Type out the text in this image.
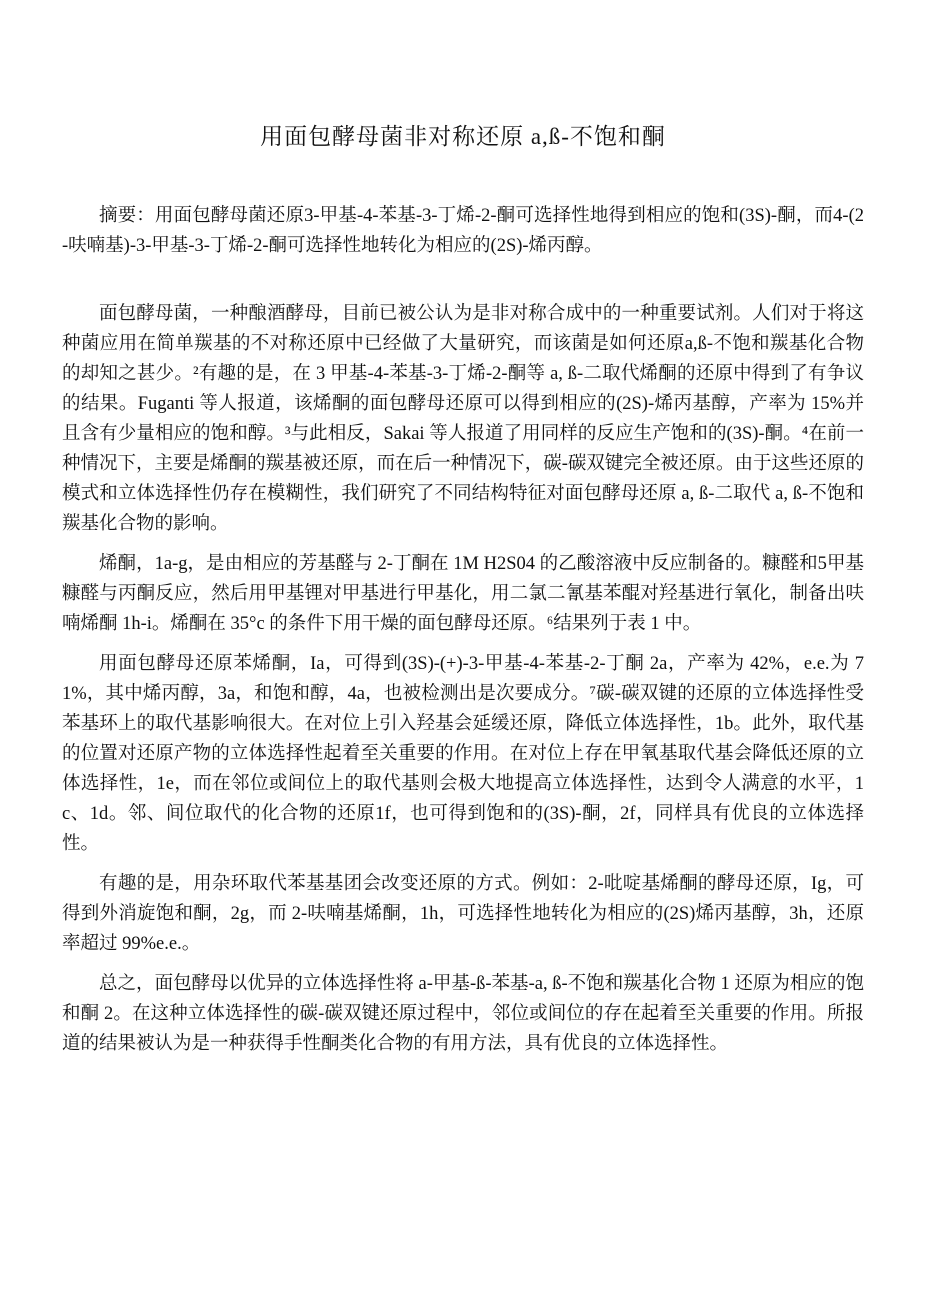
用面包酵母菌非对称还原 a,ß-不饱和酮

摘要：用面包酵母菌还原3-甲基-4-苯基-3-丁烯-2-酮可选择性地得到相应的饱和(3S)-酮，而4-(2-呋喃基)-3-甲基-3-丁烯-2-酮可选择性地转化为相应的(2S)-烯丙醇。

面包酵母菌，一种酿酒酵母，目前已被公认为是非对称合成中的一种重要试剂。人们对于将这种菌应用在简单羰基的不对称还原中已经做了大量研究，而该菌是如何还原a,ß-不饱和羰基化合物的却知之甚少。²有趣的是，在 3 甲基-4-苯基-3-丁烯-2-酮等 a, ß-二取代烯酮的还原中得到了有争议的结果。Fuganti 等人报道，该烯酮的面包酵母还原可以得到相应的(2S)-烯丙基醇，产率为 15%并且含有少量相应的饱和醇。³与此相反，Sakai 等人报道了用同样的反应生产饱和的(3S)-酮。⁴在前一种情况下，主要是烯酮的羰基被还原，而在后一种情况下，碳-碳双键完全被还原。由于这些还原的模式和立体选择性仍存在模糊性，我们研究了不同结构特征对面包酵母还原 a, ß-二取代 a, ß-不饱和羰基化合物的影响。

烯酮，1a-g，是由相应的芳基醛与 2-丁酮在 1M H2S04 的乙酸溶液中反应制备的。糠醛和5甲基糠醛与丙酮反应，然后用甲基锂对甲基进行甲基化，用二氯二氰基苯醌对羟基进行氧化，制备出呋喃烯酮 1h-i。烯酮在 35°c 的条件下用干燥的面包酵母还原。⁶结果列于表 1 中。

用面包酵母还原苯烯酮，Ia，可得到(3S)-(+)-3-甲基-4-苯基-2-丁酮 2a，产率为 42%，e.e.为 71%，其中烯丙醇，3a，和饱和醇，4a，也被检测出是次要成分。⁷碳-碳双键的还原的立体选择性受苯基环上的取代基影响很大。在对位上引入羟基会延缓还原，降低立体选择性，1b。此外，取代基的位置对还原产物的立体选择性起着至关重要的作用。在对位上存在甲氧基取代基会降低还原的立体选择性，1e，而在邻位或间位上的取代基则会极大地提高立体选择性，达到令人满意的水平，1c、1d。邻、间位取代的化合物的还原1f，也可得到饱和的(3S)-酮，2f，同样具有优良的立体选择性。

有趣的是，用杂环取代苯基基团会改变还原的方式。例如：2-吡啶基烯酮的酵母还原，Ig，可得到外消旋饱和酮，2g，而 2-呋喃基烯酮，1h，可选择性地转化为相应的(2S)烯丙基醇，3h，还原率超过 99%e.e.。

总之，面包酵母以优异的立体选择性将 a-甲基-ß-苯基-a, ß-不饱和羰基化合物 1 还原为相应的饱和酮 2。在这种立体选择性的碳-碳双键还原过程中，邻位或间位的存在起着至关重要的作用。所报道的结果被认为是一种获得手性酮类化合物的有用方法，具有优良的立体选择性。
